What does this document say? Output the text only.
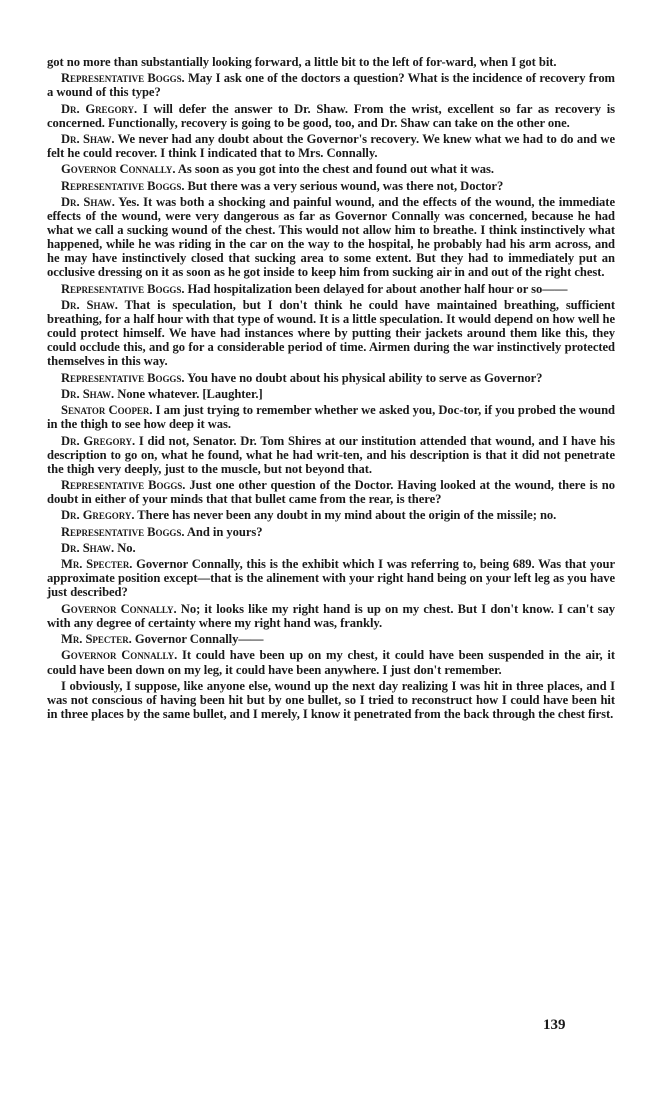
got no more than substantially looking forward, a little bit to the left of for-ward, when I got bit.

Representative Boggs. May I ask one of the doctors a question? What is the incidence of recovery from a wound of this type?

Dr. Gregory. I will defer the answer to Dr. Shaw. From the wrist, excellent so far as recovery is concerned. Functionally, recovery is going to be good, too, and Dr. Shaw can take on the other one.

Dr. Shaw. We never had any doubt about the Governor's recovery. We knew what we had to do and we felt he could recover. I think I indicated that to Mrs. Connally.

Governor Connally. As soon as you got into the chest and found out what it was.

Representative Boggs. But there was a very serious wound, was there not, Doctor?

Dr. Shaw. Yes. It was both a shocking and painful wound, and the effects of the wound, the immediate effects of the wound, were very dangerous as far as Governor Connally was concerned, because he had what we call a sucking wound of the chest. This would not allow him to breathe. I think instinctively what happened, while he was riding in the car on the way to the hospital, he probably had his arm across, and he may have instinctively closed that sucking area to some extent. But they had to immediately put an occlusive dressing on it as soon as he got inside to keep him from sucking air in and out of the right chest.

Representative Boggs. Had hospitalization been delayed for about another half hour or so——

Dr. Shaw. That is speculation, but I don't think he could have maintained breathing, sufficient breathing, for a half hour with that type of wound. It is a little speculation. It would depend on how well he could protect himself. We have had instances where by putting their jackets around them like this, they could occlude this, and go for a considerable period of time. Airmen during the war instinctively protected themselves in this way.

Representative Boggs. You have no doubt about his physical ability to serve as Governor?

Dr. Shaw. None whatever. [Laughter.]

Senator Cooper. I am just trying to remember whether we asked you, Doc-tor, if you probed the wound in the thigh to see how deep it was.

Dr. Gregory. I did not, Senator. Dr. Tom Shires at our institution attended that wound, and I have his description to go on, what he found, what he had writ-ten, and his description is that it did not penetrate the thigh very deeply, just to the muscle, but not beyond that.

Representative Boggs. Just one other question of the Doctor. Having looked at the wound, there is no doubt in either of your minds that that bullet came from the rear, is there?

Dr. Gregory. There has never been any doubt in my mind about the origin of the missile; no.

Representative Boggs. And in yours?

Dr. Shaw. No.

Mr. Specter. Governor Connally, this is the exhibit which I was referring to, being 689. Was that your approximate position except—that is the alinement with your right hand being on your left leg as you have just described?

Governor Connally. No; it looks like my right hand is up on my chest. But I don't know. I can't say with any degree of certainty where my right hand was, frankly.

Mr. Specter. Governor Connally——

Governor Connally. It could have been up on my chest, it could have been suspended in the air, it could have been down on my leg, it could have been anywhere. I just don't remember.

I obviously, I suppose, like anyone else, wound up the next day realizing I was hit in three places, and I was not conscious of having been hit but by one bullet, so I tried to reconstruct how I could have been hit in three places by the same bullet, and I merely, I know it penetrated from the back through the chest first.

139
